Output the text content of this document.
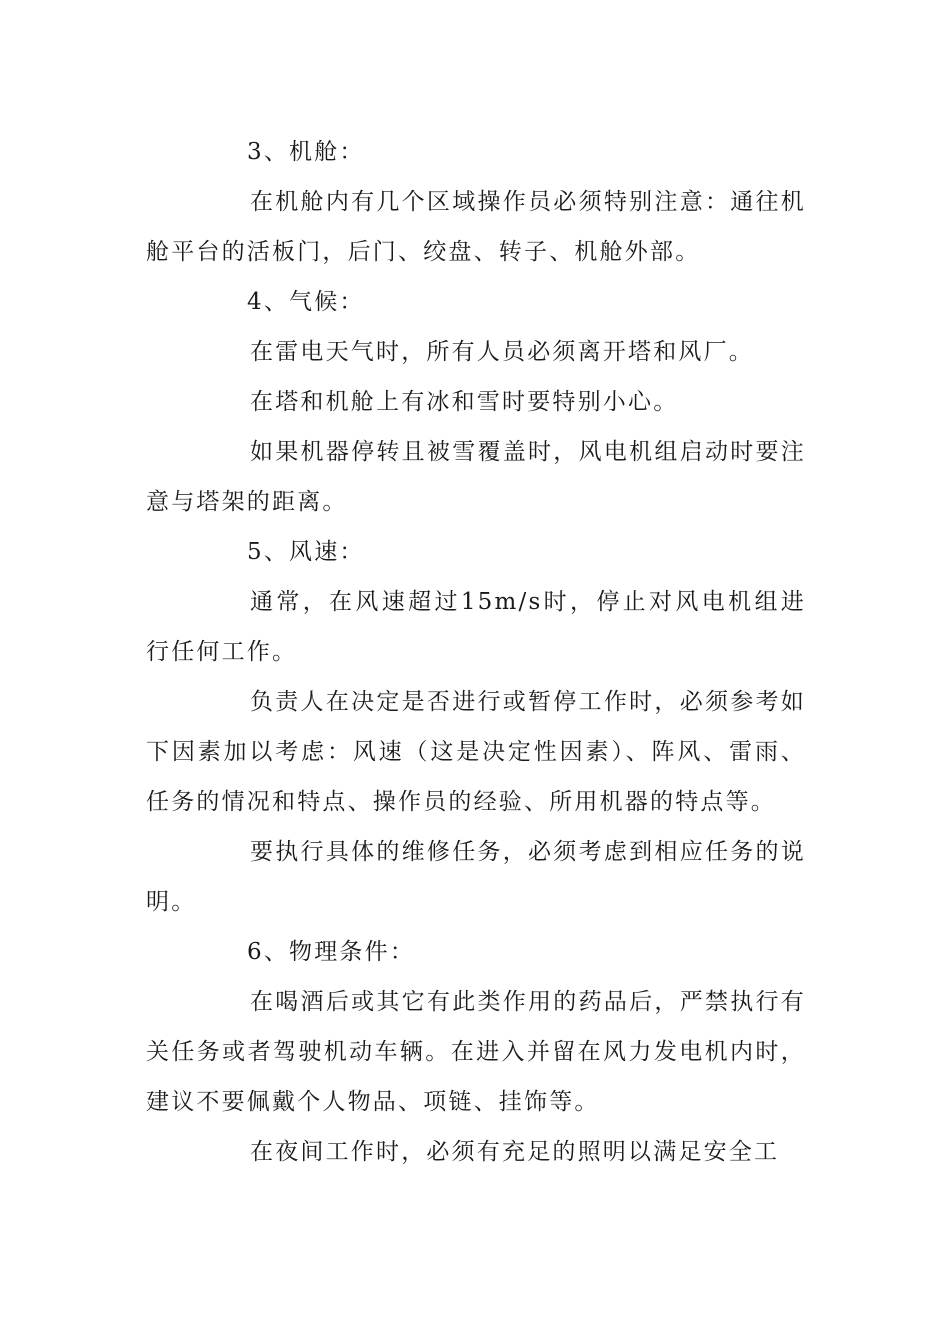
3、机舱：

在机舱内有几个区域操作员必须特别注意：通往机舱平台的活板门，后门、绞盘、转子、机舱外部。

4、气候：

在雷电天气时，所有人员必须离开塔和风厂。

在塔和机舱上有冰和雪时要特别小心。

如果机器停转且被雪覆盖时，风电机组启动时要注意与塔架的距离。

5、风速：

通常，在风速超过15m/s时，停止对风电机组进行任何工作。

负责人在决定是否进行或暂停工作时，必须参考如下因素加以考虑：风速（这是决定性因素）、阵风、雷雨、任务的情况和特点、操作员的经验、所用机器的特点等。

要执行具体的维修任务，必须考虑到相应任务的说明。

6、物理条件：

在喝酒后或其它有此类作用的药品后，严禁执行有关任务或者驾驶机动车辆。在进入并留在风力发电机内时，建议不要佩戴个人物品、项链、挂饰等。

在夜间工作时，必须有充足的照明以满足安全工
